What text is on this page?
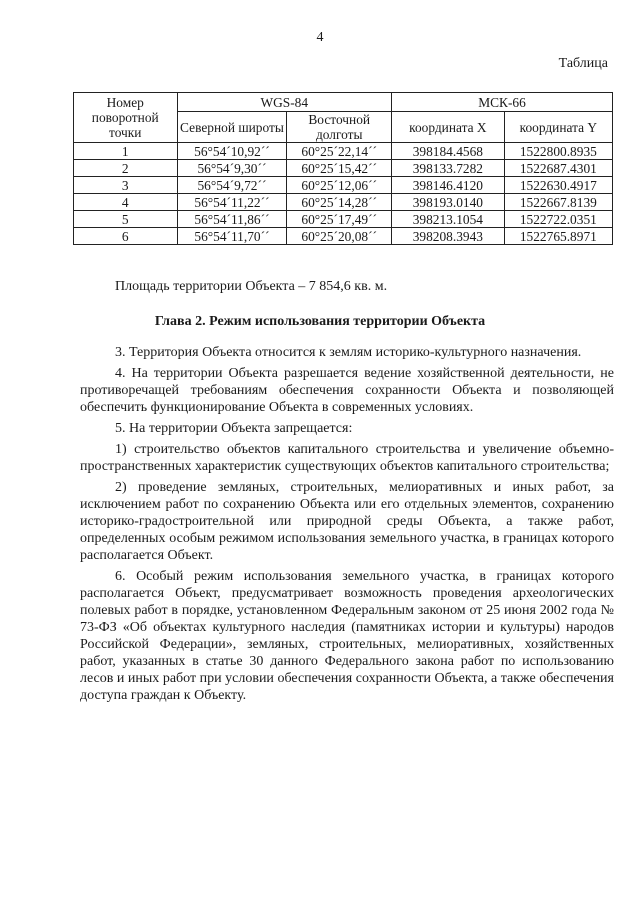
4
Таблица
Номер поворотной точки	WGS-84		МСК-66	
	Северной широты	Восточной долготы	координата X	координата Y
1	56°54´10,92´´	60°25´22,14´´	398184.4568	1522800.8935
2	56°54´9,30´´	60°25´15,42´´	398133.7282	1522687.4301
3	56°54´9,72´´	60°25´12,06´´	398146.4120	1522630.4917
4	56°54´11,22´´	60°25´14,28´´	398193.0140	1522667.8139
5	56°54´11,86´´	60°25´17,49´´	398213.1054	1522722.0351
6	56°54´11,70´´	60°25´20,08´´	398208.3943	1522765.8971
Площадь территории Объекта – 7 854,6 кв. м.
Глава 2. Режим использования территории Объекта

3. Территория Объекта относится к землям историко-культурного назначения.

4. На территории Объекта разрешается ведение хозяйственной деятельности, не противоречащей требованиям обеспечения сохранности Объекта и позволяющей обеспечить функционирование Объекта в современных условиях.

5. На территории Объекта запрещается:

1) строительство объектов капитального строительства и увеличение объемно-пространственных характеристик существующих объектов капитального строительства;

2) проведение земляных, строительных, мелиоративных и иных работ, за исключением работ по сохранению Объекта или его отдельных элементов, сохранению историко-градостроительной или природной среды Объекта, а также работ, определенных особым режимом использования земельного участка, в границах которого располагается Объект.

6. Особый режим использования земельного участка, в границах которого располагается Объект, предусматривает возможность проведения археологических полевых работ в порядке, установленном Федеральным законом от 25 июня 2002 года № 73-ФЗ «Об объектах культурного наследия (памятниках истории и культуры) народов Российской Федерации», земляных, строительных, мелиоративных, хозяйственных работ, указанных в статье 30 данного Федерального закона работ по использованию лесов и иных работ при условии обеспечения сохранности Объекта, а также обеспечения доступа граждан к Объекту.
